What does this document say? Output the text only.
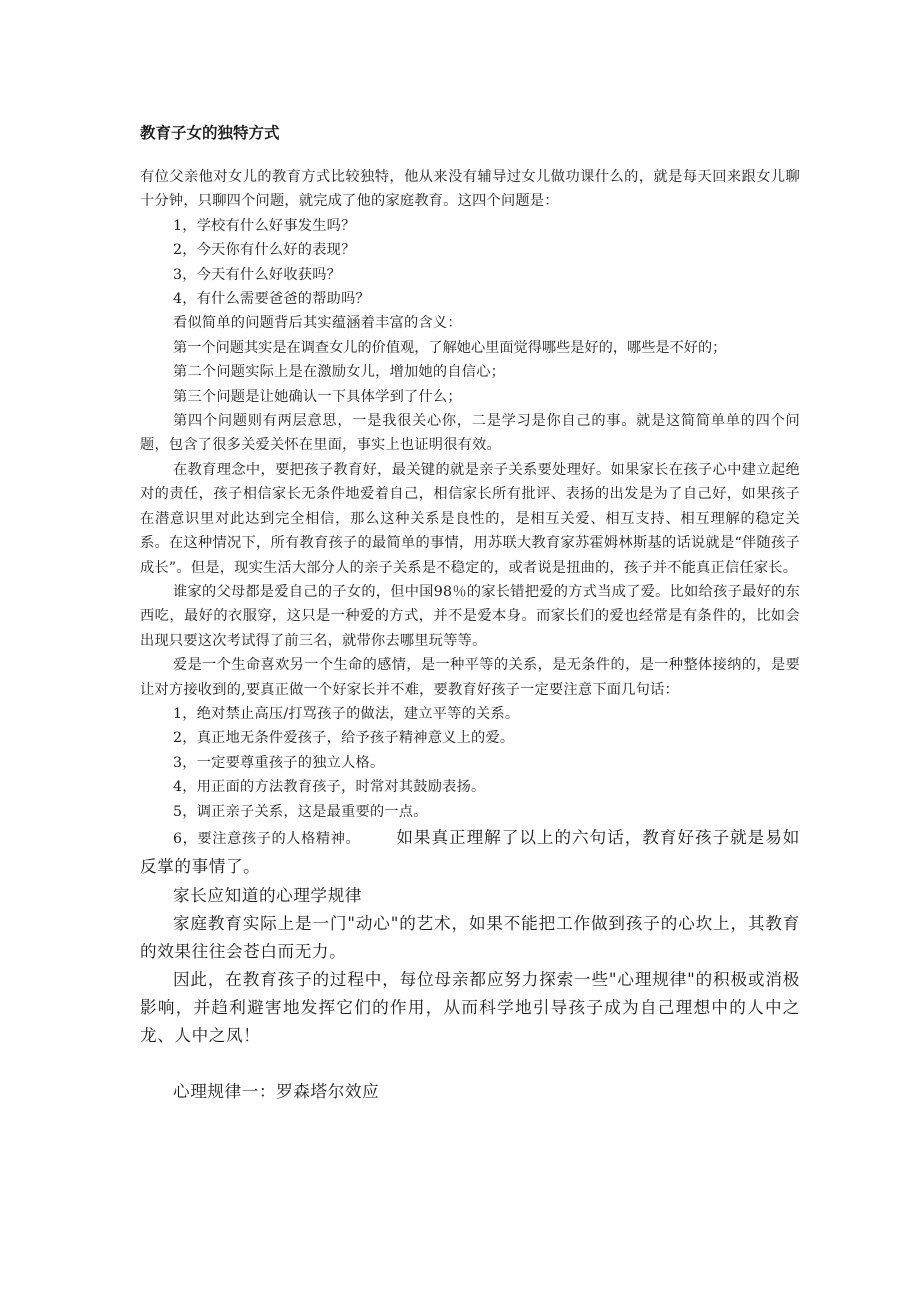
教育子女的独特方式

有位父亲他对女儿的教育方式比较独特，他从来没有辅导过女儿做功课什么的，就是每天回来跟女儿聊十分钟，只聊四个问题，就完成了他的家庭教育。这四个问题是：

1，学校有什么好事发生吗？

2，今天你有什么好的表现？

3，今天有什么好收获吗？

4，有什么需要爸爸的帮助吗？

看似简单的问题背后其实蕴涵着丰富的含义：

第一个问题其实是在调查女儿的价值观，了解她心里面觉得哪些是好的，哪些是不好的；

第二个问题实际上是在激励女儿，增加她的自信心；

第三个问题是让她确认一下具体学到了什么；

第四个问题则有两层意思，一是我很关心你，二是学习是你自己的事。就是这简简单单的四个问题，包含了很多关爱关怀在里面，事实上也证明很有效。

在教育理念中，要把孩子教育好，最关键的就是亲子关系要处理好。如果家长在孩子心中建立起绝对的责任，孩子相信家长无条件地爱着自己，相信家长所有批评、表扬的出发是为了自己好，如果孩子在潜意识里对此达到完全相信，那么这种关系是良性的，是相互关爱、相互支持、相互理解的稳定关系。在这种情况下，所有教育孩子的最简单的事情，用苏联大教育家苏霍姆林斯基的话说就是“伴随孩子成长”。但是，现实生活大部分人的亲子关系是不稳定的，或者说是扭曲的，孩子并不能真正信任家长。

谁家的父母都是爱自己的子女的，但中国98％的家长错把爱的方式当成了爱。比如给孩子最好的东西吃，最好的衣服穿，这只是一种爱的方式，并不是爱本身。而家长们的爱也经常是有条件的，比如会出现只要这次考试得了前三名，就带你去哪里玩等等。

爱是一个生命喜欢另一个生命的感情，是一种平等的关系，是无条件的，是一种整体接纳的，是要让对方接收到的,要真正做一个好家长并不难，要教育好孩子一定要注意下面几句话：

1，绝对禁止高压/打骂孩子的做法，建立平等的关系。

2，真正地无条件爱孩子，给予孩子精神意义上的爱。

3，一定要尊重孩子的独立人格。

4，用正面的方法教育孩子，时常对其鼓励表扬。

5，调正亲子关系，这是最重要的一点。

6，要注意孩子的人格精神。 如果真正理解了以上的六句话，教育好孩子就是易如反掌的事情了。

家长应知道的心理学规律

家庭教育实际上是一门"动心"的艺术，如果不能把工作做到孩子的心坎上，其教育的效果往往会苍白而无力。

因此，在教育孩子的过程中，每位母亲都应努力探索一些"心理规律"的积极或消极影响，并趋利避害地发挥它们的作用，从而科学地引导孩子成为自己理想中的人中之龙、人中之凤！

心理规律一：罗森塔尔效应
